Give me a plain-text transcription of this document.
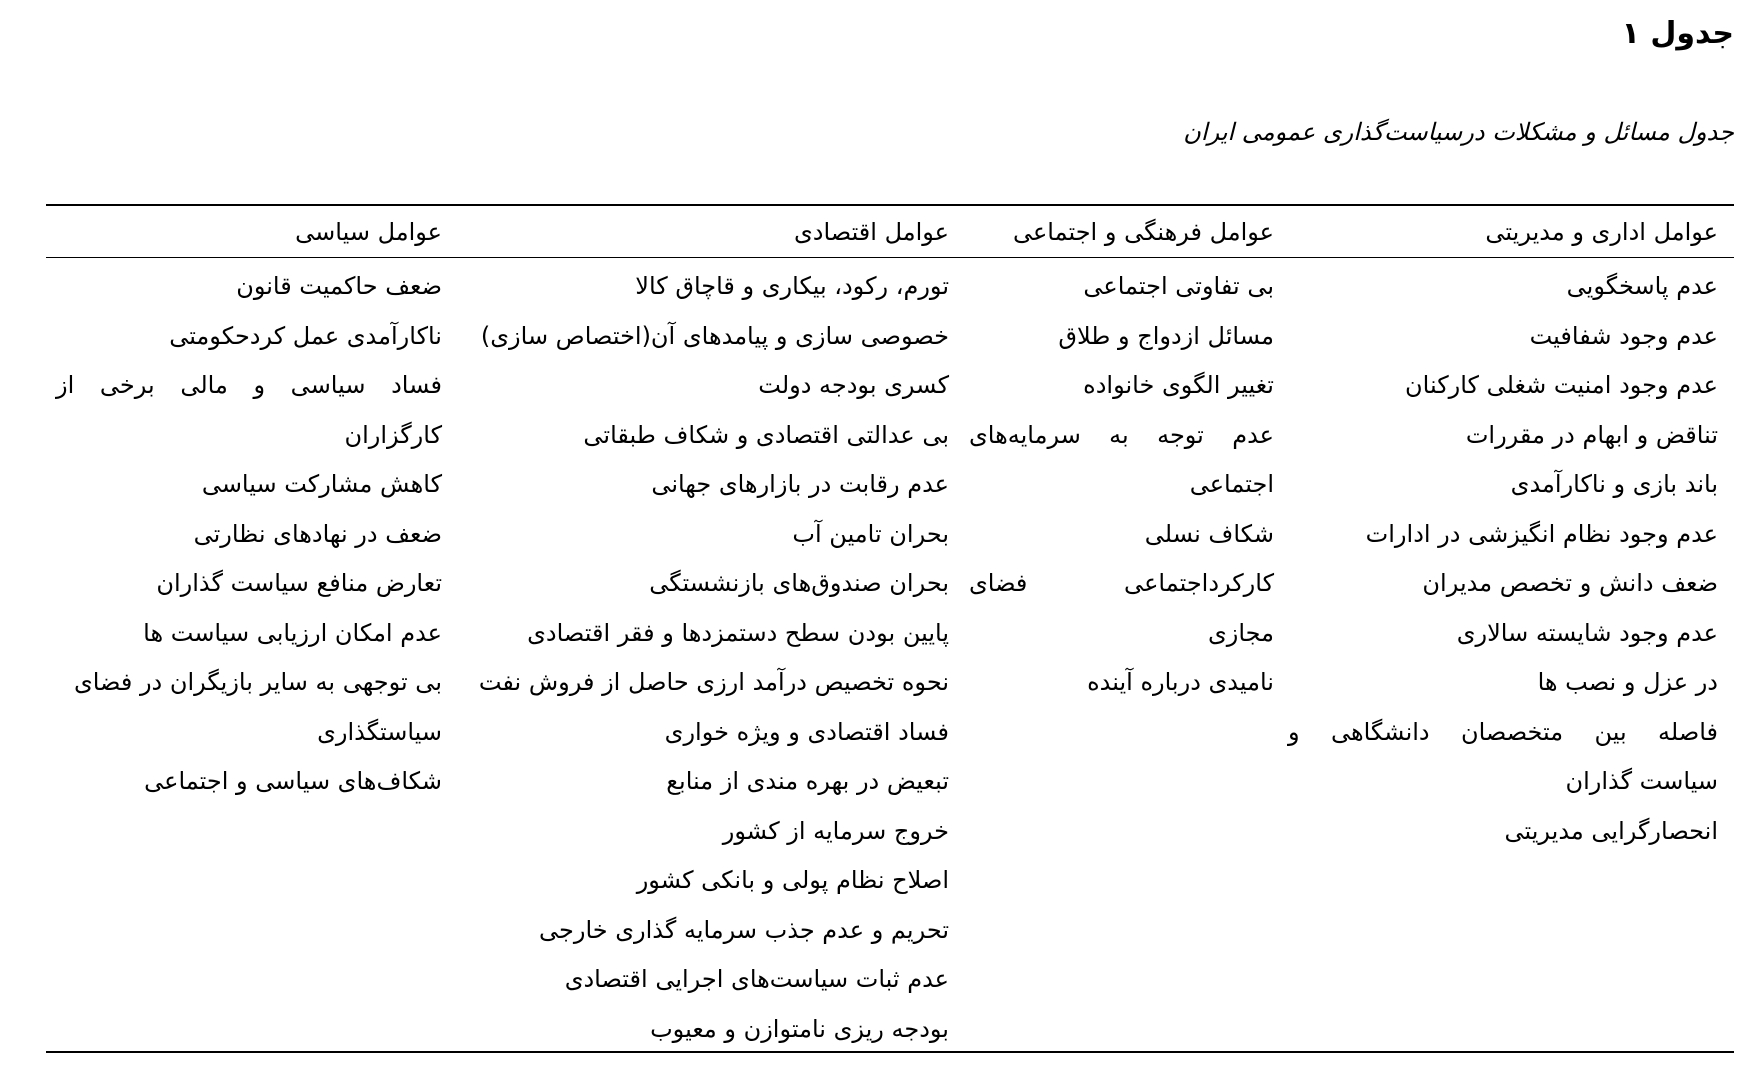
جدول ۱
جدول مسائل و مشکلات درسیاست‌گذاری عمومی ایران
عوامل اداری و مدیریتی
عوامل فرهنگی و اجتماعی
عوامل اقتصادی
عوامل سیاسی
عدم پاسخگویی
عدم وجود شفافیت
عدم وجود امنیت شغلی کارکنان
تناقض و ابهام در مقررات
باند بازی و ناکارآمدی
عدم وجود نظام انگیزشی در ادارات
ضعف دانش و تخصص مدیران
عدم وجود شایسته سالاری
در عزل و نصب ها
فاصله بین متخصصان دانشگاهی و
سیاست گذاران
انحصارگرایی مدیریتی
بی تفاوتی اجتماعی
مسائل ازدواج و طلاق
تغییر الگوی خانواده
عدم توجه به سرمایه‌های
اجتماعی
شکاف نسلی
کارکرداجتماعی فضای
مجازی
نامیدی درباره آینده
تورم، رکود، بیکاری و قاچاق کالا
خصوصی سازی و پیامدهای آن(اختصاص سازی)
کسری بودجه دولت
بی عدالتی اقتصادی و شکاف طبقاتی
عدم رقابت در بازارهای جهانی
بحران تامین آب
بحران صندوق‌های بازنشستگی
پایین بودن سطح دستمزدها و فقر اقتصادی
نحوه تخصیص درآمد ارزی حاصل از فروش نفت
فساد اقتصادی و ویژه خواری
تبعیض در بهره مندی از منابع
خروج سرمایه از کشور
اصلاح نظام پولی و بانکی کشور
تحریم و عدم جذب سرمایه گذاری خارجی
عدم ثبات سیاست‌های اجرایی اقتصادی
بودجه ریزی نامتوازن و معیوب
ضعف حاکمیت قانون
ناکارآمدی عمل کردحکومتی
فساد سیاسی و مالی برخی از
کارگزاران
کاهش مشارکت سیاسی
ضعف در نهادهای نظارتی
تعارض منافع سیاست گذاران
عدم امکان ارزیابی سیاست ها
بی توجهی به سایر بازیگران در فضای
سیاستگذاری
شکاف‌های سیاسی و اجتماعی
